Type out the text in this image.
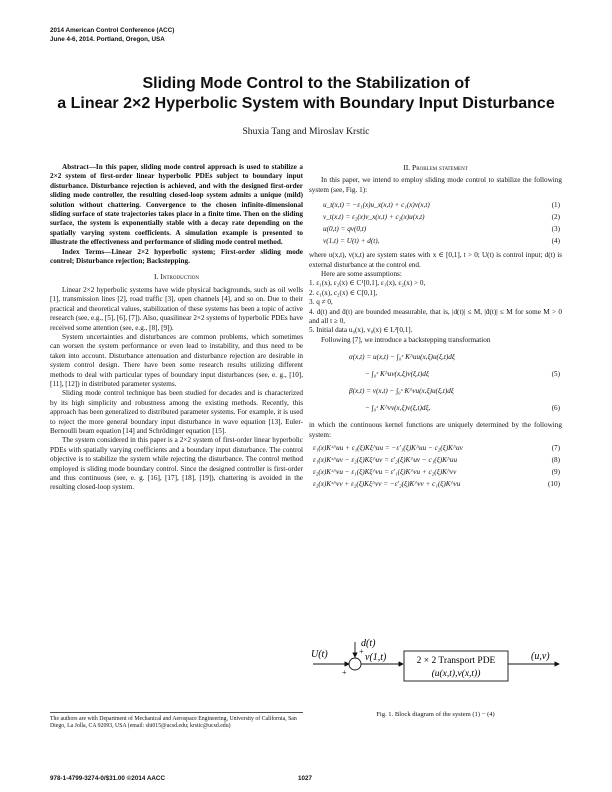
2014 American Control Conference (ACC)
June 4-6, 2014. Portland, Oregon, USA
Sliding Mode Control to the Stabilization of
a Linear 2×2 Hyperbolic System with Boundary Input Disturbance
Shuxia Tang and Miroslav Krstic

Abstract—In this paper, sliding mode control approach is used to stabilize a 2×2 system of first-order linear hyperbolic PDEs subject to boundary input disturbance. Disturbance rejection is achieved, and with the designed first-order sliding mode controller, the resulting closed-loop system admits a unique (mild) solution without chattering. Convergence to the chosen infinite-dimensional sliding surface of state trajectories takes place in a finite time. Then on the sliding surface, the system is exponentially stable with a decay rate depending on the spatially varying system coefficients. A simulation example is presented to illustrate the effectiveness and performance of sliding mode control method.

Index Terms—Linear 2×2 hyperbolic system; First-order sliding mode control; Disturbance rejection; Backstepping.

I. Introduction

Linear 2×2 hyperbolic systems have wide physical backgrounds, such as oil wells [1], transmission lines [2], road traffic [3], open channels [4], and so on. Due to their practical and theoretical values, stabilization of these systems has been a topic of active research (see, e.g., [5], [6], [7]). Also, quasilinear 2×2 systems of hyperbolic PDEs have received some attention (see, e.g., [8], [9]).

System uncertainties and disturbances are common problems, which sometimes can worsen the system performance or even lead to instability, and thus need to be taken into account. Disturbance attenuation and disturbance rejection are desirable in system control design. There have been some research results utilizing different methods to deal with particular types of boundary input disturbances (see, e. g., [10], [11], [12]) in distributed parameter systems.

Sliding mode control technique has been studied for decades and is characterized by its high simplicity and robustness among the existing methods. Recently, this approach has been generalized to distributed parameter systems. For example, it is used to reject the more general boundary input disturbance in wave equation [13], Euler-Bernoulli beam equation [14] and Schrödinger equation [15].

The system considered in this paper is a 2×2 system of first-order linear hyperbolic PDEs with spatially varying coefficients and a boundary input disturbance. The control objective is to stabilize the system while rejecting the disturbance. The control method employed is sliding mode boundary control. Since the designed controller is first-order and thus continuous (see, e. g. [16], [17], [18], [19]), chattering is avoided in the resulting closed-loop system.

The authors are with Department of Mechanical and Aerospace Engineering, University of California, San Diego, La Jolla, CA 92093, USA (email: shi015@ucsd.edu; krstic@ucsd.edu)
II. Problem statement

In this paper, we intend to employ sliding mode control to stabilize the following system (see, Fig. 1):

u_t(x,t) = −ε₁(x)u_x(x,t) + c₁(x)v(x,t)	(1)
v_t(x,t) = ε₂(x)v_x(x,t) + c₂(x)u(x,t)	(2)
u(0,t) = qv(0,t)	(3)
v(1,t) = U(t) + d(t),	(4)

where u(x,t), v(x,t) are system states with x ∈ [0,1], t > 0; U(t) is control input; d(t) is external disturbance at the control end.

Here are some assumptions:

1. ε₁(x), ε₂(x) ∈ C¹[0,1], ε₁(x), ε₂(x) > 0,

2. c₁(x), c₂(x) ∈ C[0,1],

3. q ≠ 0,

4. d(t) and ḋ(t) are bounded measurable, that is, |d(t)| ≤ M, |ḋ(t)| ≤ M for some M > 0 and all t ≥ 0,

5. Initial data u₀(x), v₀(x) ∈ L²[0,1].

Following [7], we introduce a backstepping transformation

α(x,t) = u(x,t) − ∫₀ˣ K^uu(x,ξ)u(ξ,t)dξ
− ∫₀ˣ K^uv(x,ξ)v(ξ,t)dξ	(5)
β(x,t) = v(x,t) − ∫₀ˣ K^vu(x,ξ)u(ξ,t)dξ
− ∫₀ˣ K^vv(x,ξ)v(ξ,t)dξ,	(6)

in which the continuous kernel functions are uniquely determined by the following system:

ε₁(x)Kˣ^uu + ε₁(ξ)Kξ^uu = −ε′₁(ξ)K^uu − c₂(ξ)K^uv	(7)
ε₁(x)Kˣ^uv − ε₂(ξ)Kξ^uv = ε′₂(ξ)K^uv − c₁(ξ)K^uu	(8)
ε₂(x)Kˣ^vu − ε₁(ξ)Kξ^vu = ε′₁(ξ)K^vu + c₂(ξ)K^vv	(9)
ε₂(x)Kˣ^vv + ε₂(ξ)Kξ^vv = −ε′₂(ξ)K^vv + c₁(ξ)K^vu	(10)
U(t)
+
+
d(t)
v(1,t)	2 × 2 Transport PDE
(u(x,t),v(x,t))
(u,v)
Fig. 1. Block diagram of the system (1) − (4)
978-1-4799-3274-0/$31.00 ©2014 AACC	1027
